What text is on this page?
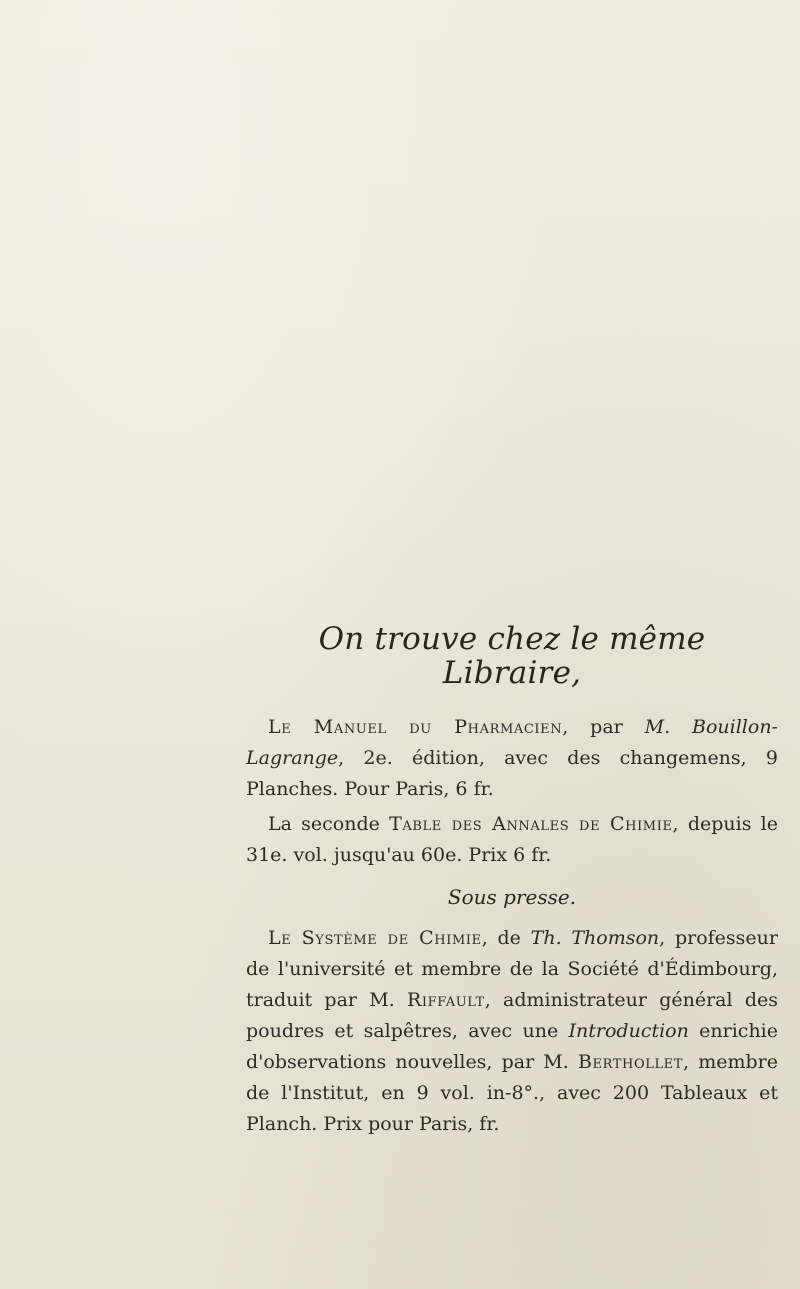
On trouve chez le même Libraire,

Le Manuel du Pharmacien, par M. Bouillon-Lagrange, 2e. édition, avec des changemens, 9 Planches. Pour Paris, 6 fr.

La seconde Table des Annales de Chimie, depuis le 31e. vol. jusqu'au 60e. Prix 6 fr.

Sous presse.

Le Système de Chimie, de Th. Thomson, professeur de l'université et membre de la Société d'Édimbourg, traduit par M. Riffault, administrateur général des poudres et salpêtres, avec une Introduction enrichie d'observations nouvelles, par M. Berthollet, membre de l'Institut, en 9 vol. in-8°., avec 200 Tableaux et Planch. Prix pour Paris, fr.
